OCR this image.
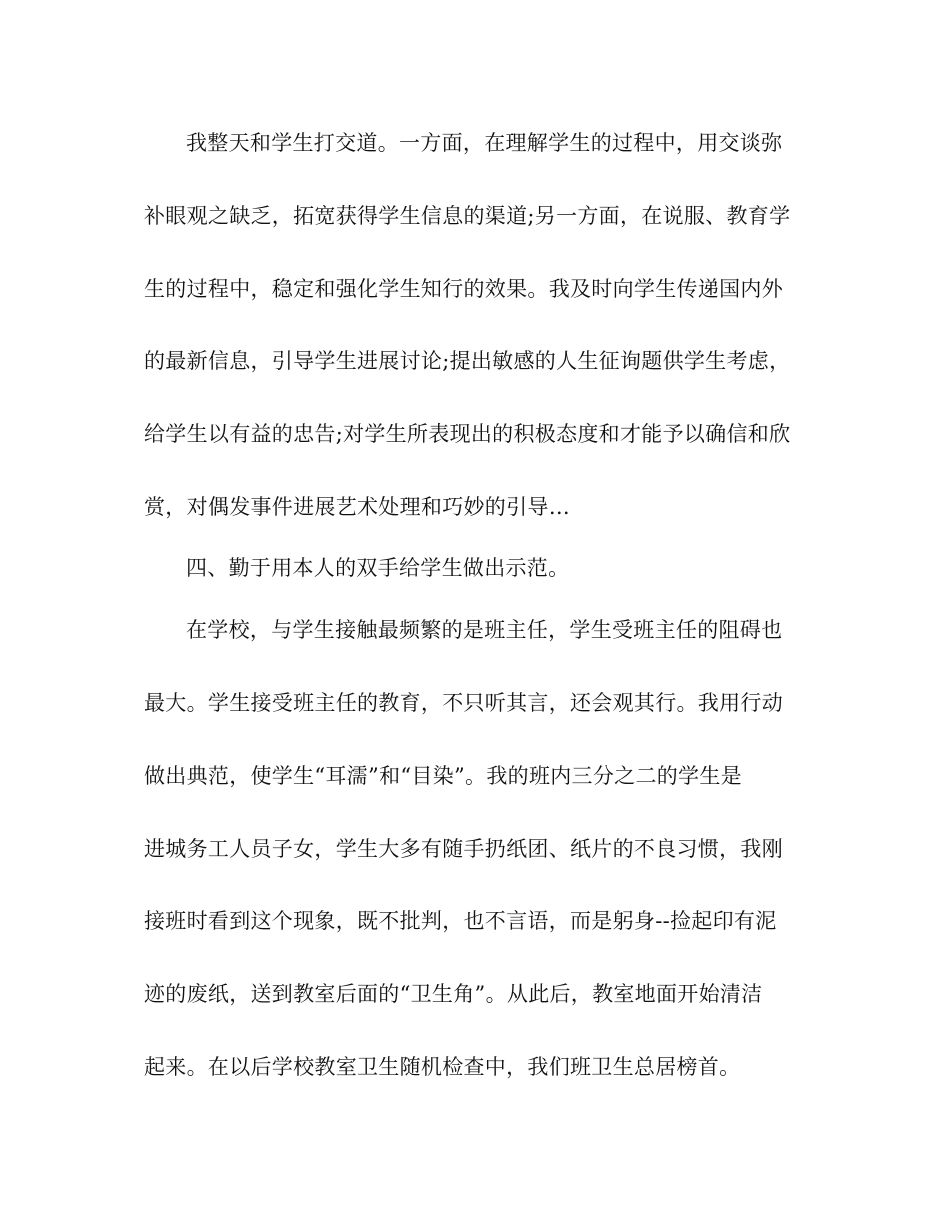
我整天和学生打交道。一方面，在理解学生的过程中，用交谈弥
补眼观之缺乏，拓宽获得学生信息的渠道;另一方面，在说服、教育学
生的过程中，稳定和强化学生知行的效果。我及时向学生传递国内外
的最新信息，引导学生进展讨论;提出敏感的人生征询题供学生考虑，
给学生以有益的忠告;对学生所表现出的积极态度和才能予以确信和欣
赏，对偶发事件进展艺术处理和巧妙的引导…
四、勤于用本人的双手给学生做出示范。
在学校，与学生接触最频繁的是班主任，学生受班主任的阻碍也
最大。学生接受班主任的教育，不只听其言，还会观其行。我用行动
做出典范，使学生“耳濡”和“目染”。我的班内三分之二的学生是
进城务工人员子女，学生大多有随手扔纸团、纸片的不良习惯，我刚
接班时看到这个现象，既不批判，也不言语，而是躬身--捡起印有泥
迹的废纸，送到教室后面的“卫生角”。从此后，教室地面开始清洁
起来。在以后学校教室卫生随机检查中，我们班卫生总居榜首。
